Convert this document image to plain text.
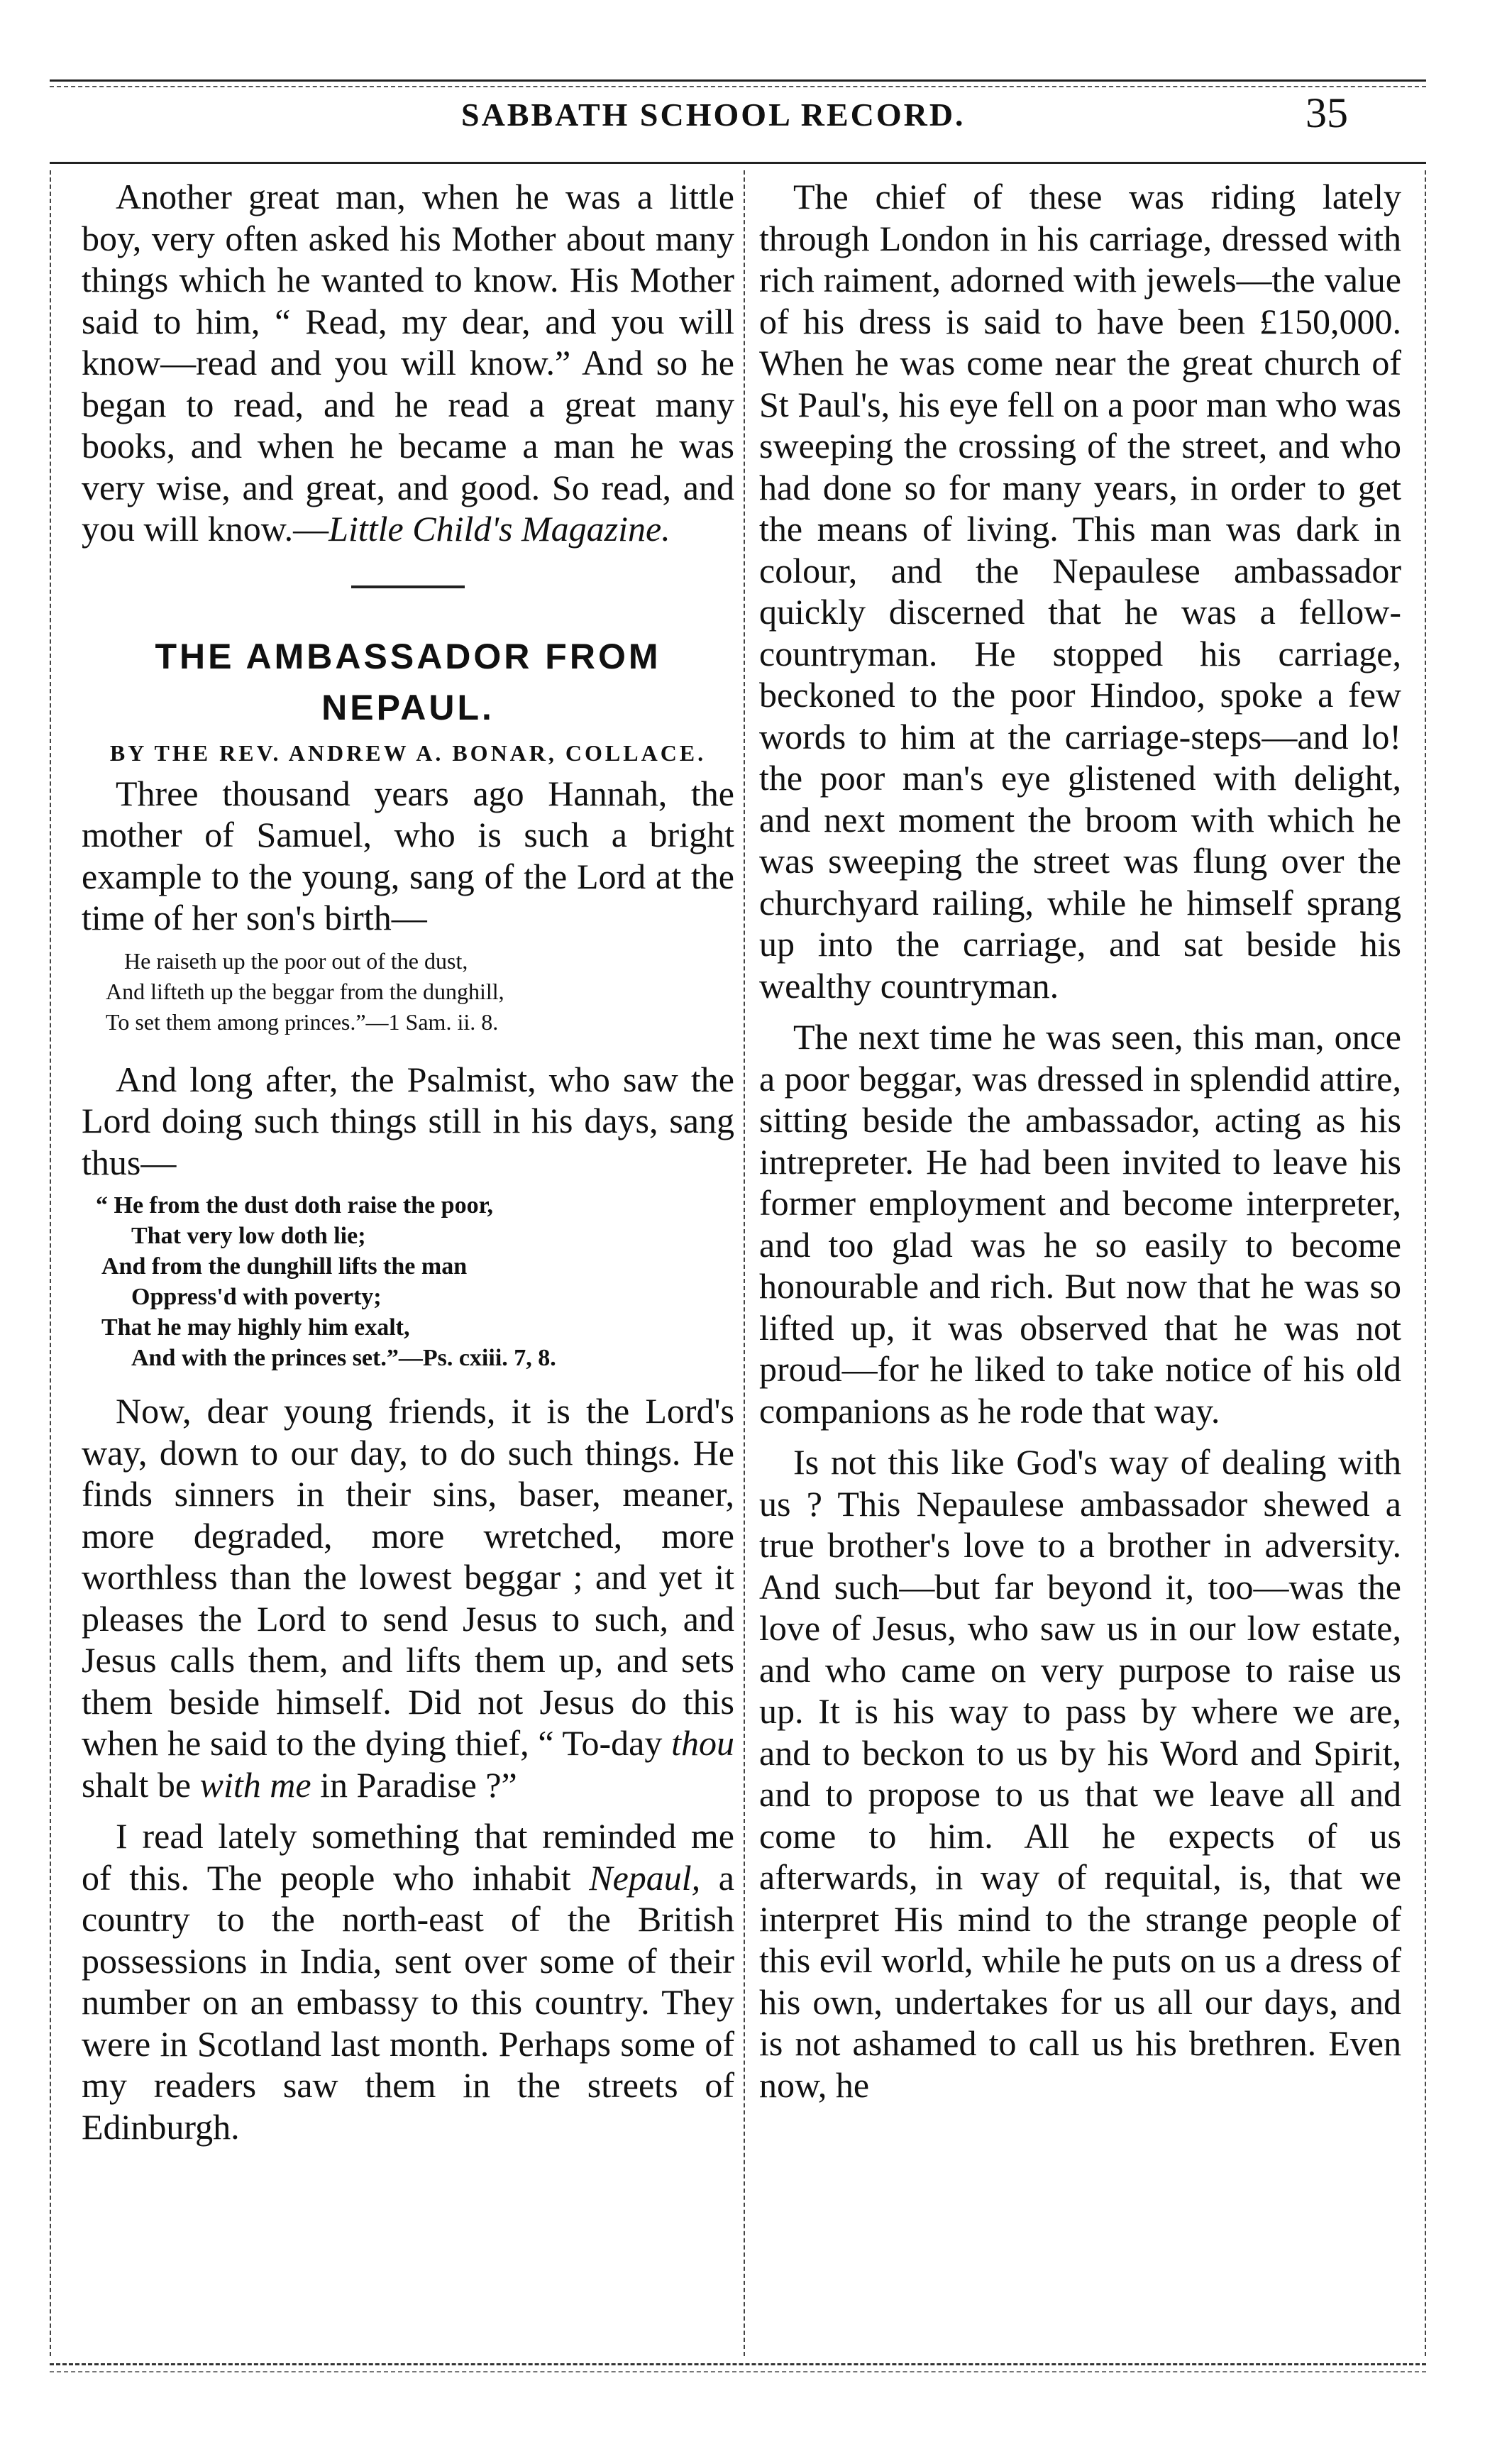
SABBATH SCHOOL RECORD.	35

Another great man, when he was a little boy, very often asked his Mother about many things which he wanted to know. His Mother said to him, “ Read, my dear, and you will know—read and you will know.” And so he began to read, and he read a great many books, and when he became a man he was very wise, and great, and good. So read, and you will know.—Little Child's Magazine.

THE AMBASSADOR FROM NEPAUL.

BY THE REV. ANDREW A. BONAR, COLLACE.

Three thousand years ago Hannah, the mother of Samuel, who is such a bright example to the young, sang of the Lord at the time of her son's birth—

He raiseth up the poor out of the dust,
And lifteth up the beggar from the dunghill,
To set them among princes.”—1 Sam. ii. 8.

And long after, the Psalmist, who saw the Lord doing such things still in his days, sang thus—

“ He from the dust doth raise the poor,
That very low doth lie;
And from the dunghill lifts the man
Oppress'd with poverty;
That he may highly him exalt,
And with the princes set.”—Ps. cxiii. 7, 8.

Now, dear young friends, it is the Lord's way, down to our day, to do such things. He finds sinners in their sins, baser, meaner, more degraded, more wretched, more worthless than the lowest beggar ; and yet it pleases the Lord to send Jesus to such, and Jesus calls them, and lifts them up, and sets them beside himself. Did not Jesus do this when he said to the dying thief, “ To-day thou shalt be with me in Paradise ?”

I read lately something that reminded me of this. The people who inhabit Nepaul, a country to the north-east of the British possessions in India, sent over some of their number on an embassy to this country. They were in Scotland last month. Perhaps some of my readers saw them in the streets of Edinburgh.

The chief of these was riding lately through London in his carriage, dressed with rich raiment, adorned with jewels—the value of his dress is said to have been £150,000. When he was come near the great church of St Paul's, his eye fell on a poor man who was sweeping the crossing of the street, and who had done so for many years, in order to get the means of living. This man was dark in colour, and the Nepaulese ambassador quickly discerned that he was a fellow-countryman. He stopped his carriage, beckoned to the poor Hindoo, spoke a few words to him at the carriage-steps—and lo! the poor man's eye glistened with delight, and next moment the broom with which he was sweeping the street was flung over the churchyard railing, while he himself sprang up into the carriage, and sat beside his wealthy countryman.

The next time he was seen, this man, once a poor beggar, was dressed in splendid attire, sitting beside the ambassador, acting as his intrepreter. He had been invited to leave his former employment and become interpreter, and too glad was he so easily to become honourable and rich. But now that he was so lifted up, it was observed that he was not proud—for he liked to take notice of his old companions as he rode that way.

Is not this like God's way of dealing with us ? This Nepaulese ambassador shewed a true brother's love to a brother in adversity. And such—but far beyond it, too—was the love of Jesus, who saw us in our low estate, and who came on very purpose to raise us up. It is his way to pass by where we are, and to beckon to us by his Word and Spirit, and to propose to us that we leave all and come to him. All he expects of us afterwards, in way of requital, is, that we interpret His mind to the strange people of this evil world, while he puts on us a dress of his own, undertakes for us all our days, and is not ashamed to call us his brethren. Even now, he
